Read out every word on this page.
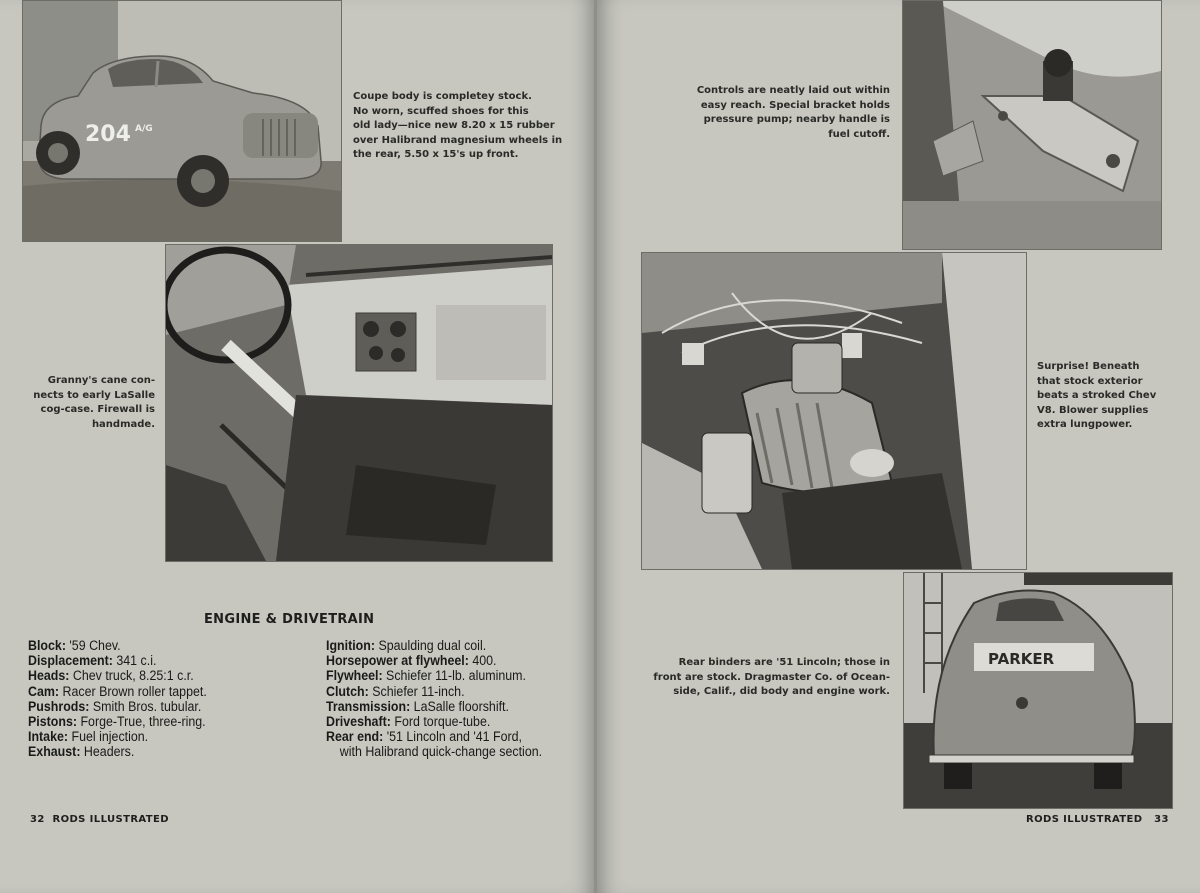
204 A/G
Coupe body is completey stock.
No worn, scuffed shoes for this
old lady—nice new 8.20 x 15 rubber
over Halibrand magnesium wheels in
the rear, 5.50 x 15's up front.
Granny's cane con-
nects to early LaSalle
cog-case. Firewall is
handmade.
ENGINE & DRIVETRAIN
Block: '59 Chev.
Displacement: 341 c.i.
Heads: Chev truck, 8.25:1 c.r.
Cam: Racer Brown roller tappet.
Pushrods: Smith Bros. tubular.
Pistons: Forge-True, three-ring.
Intake: Fuel injection.
Exhaust: Headers.
Ignition: Spaulding dual coil.
Horsepower at flywheel: 400.
Flywheel: Schiefer 11-lb. aluminum.
Clutch: Schiefer 11-inch.
Transmission: LaSalle floorshift.
Driveshaft: Ford torque-tube.
Rear end: '51 Lincoln and '41 Ford,
with Halibrand quick-change section.
32 RODS ILLUSTRATED
Controls are neatly laid out within
easy reach. Special bracket holds
pressure pump; nearby handle is
fuel cutoff.
Surprise! Beneath
that stock exterior
beats a stroked Chev
V8. Blower supplies
extra lungpower.
Rear binders are '51 Lincoln; those in
front are stock. Dragmaster Co. of Ocean-
side, Calif., did body and engine work.
PARKER
RODS ILLUSTRATED 33
